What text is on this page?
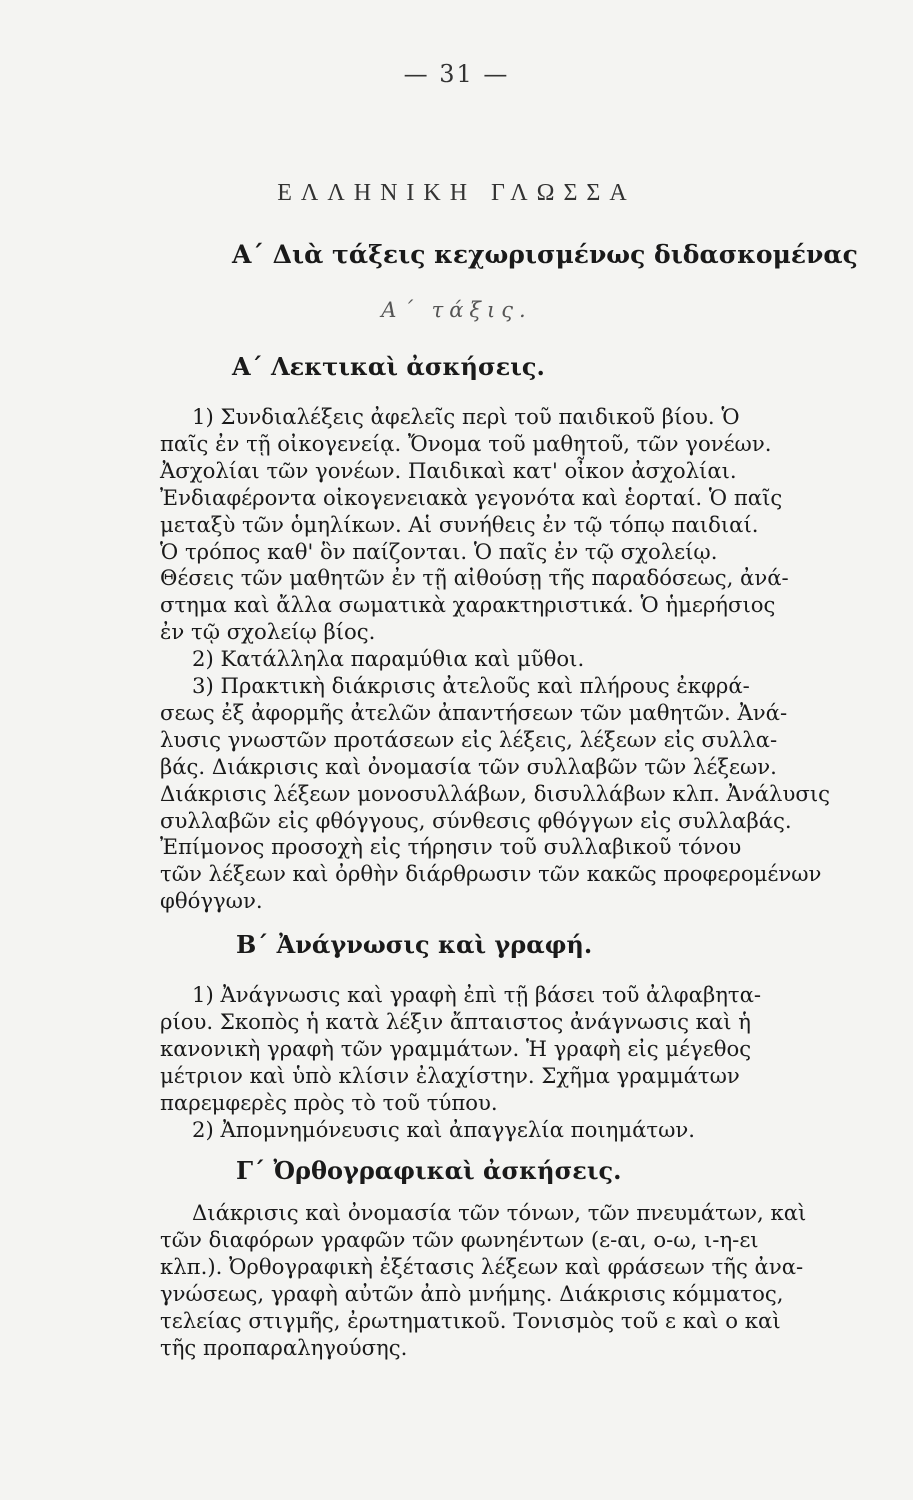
— 31 —
ΕΛΛΗΝΙΚΗ ΓΛΩΣΣΑ
Α΄ Διὰ τάξεις κεχωρισμένως διδασκομένας
Α΄ τάξις.
Α΄ Λεκτικαὶ ἀσκήσεις.

1) Συνδιαλέξεις ἀφελεῖς περὶ τοῦ παιδικοῦ βίου. Ὁ
παῖς ἐν τῇ οἰκογενείᾳ. Ὄνομα τοῦ μαθητοῦ, τῶν γονέων.
Ἀσχολίαι τῶν γονέων. Παιδικαὶ κατ' οἶκον ἀσχολίαι.
Ἐνδιαφέροντα οἰκογενειακὰ γεγονότα καὶ ἑορταί. Ὁ παῖς
μεταξὺ τῶν ὁμηλίκων. Αἱ συνήθεις ἐν τῷ τόπῳ παιδιαί.
Ὁ τρόπος καθ' ὃν παίζονται. Ὁ παῖς ἐν τῷ σχολείῳ.
Θέσεις τῶν μαθητῶν ἐν τῇ αἰθούσῃ τῆς παραδόσεως, ἀνά-
στημα καὶ ἄλλα σωματικὰ χαρακτηριστικά. Ὁ ἡμερήσιος
ἐν τῷ σχολείῳ βίος.

2) Κατάλληλα παραμύθια καὶ μῦθοι.

3) Πρακτικὴ διάκρισις ἀτελοῦς καὶ πλήρους ἐκφρά-
σεως ἐξ ἀφορμῆς ἀτελῶν ἀπαντήσεων τῶν μαθητῶν. Ἀνά-
λυσις γνωστῶν προτάσεων εἰς λέξεις, λέξεων εἰς συλλα-
βάς. Διάκρισις καὶ ὀνομασία τῶν συλλαβῶν τῶν λέξεων.
Διάκρισις λέξεων μονοσυλλάβων, δισυλλάβων κλπ. Ἀνάλυσις
συλλαβῶν εἰς φθόγγους, σύνθεσις φθόγγων εἰς συλλαβάς.
Ἐπίμονος προσοχὴ εἰς τήρησιν τοῦ συλλαβικοῦ τόνου
τῶν λέξεων καὶ ὀρθὴν διάρθρωσιν τῶν κακῶς προφερομένων
φθόγγων.

Β΄ Ἀνάγνωσις καὶ γραφή.

1) Ἀνάγνωσις καὶ γραφὴ ἐπὶ τῇ βάσει τοῦ ἀλφαβητα-
ρίου. Σκοπὸς ἡ κατὰ λέξιν ἄπταιστος ἀνάγνωσις καὶ ἡ
κανονικὴ γραφὴ τῶν γραμμάτων. Ἡ γραφὴ εἰς μέγεθος
μέτριον καὶ ὑπὸ κλίσιν ἐλαχίστην. Σχῆμα γραμμάτων
παρεμφερὲς πρὸς τὸ τοῦ τύπου.

2) Ἀπομνημόνευσις καὶ ἀπαγγελία ποιημάτων.

Γ΄ Ὀρθογραφικαὶ ἀσκήσεις.

Διάκρισις καὶ ὀνομασία τῶν τόνων, τῶν πνευμάτων, καὶ
τῶν διαφόρων γραφῶν τῶν φωνηέντων (ε-αι, ο-ω, ι-η-ει
κλπ.). Ὀρθογραφικὴ ἐξέτασις λέξεων καὶ φράσεων τῆς ἀνα-
γνώσεως, γραφὴ αὐτῶν ἀπὸ μνήμης. Διάκρισις κόμματος,
τελείας στιγμῆς, ἐρωτηματικοῦ. Τονισμὸς τοῦ ε καὶ ο καὶ
τῆς προπαραληγούσης.
